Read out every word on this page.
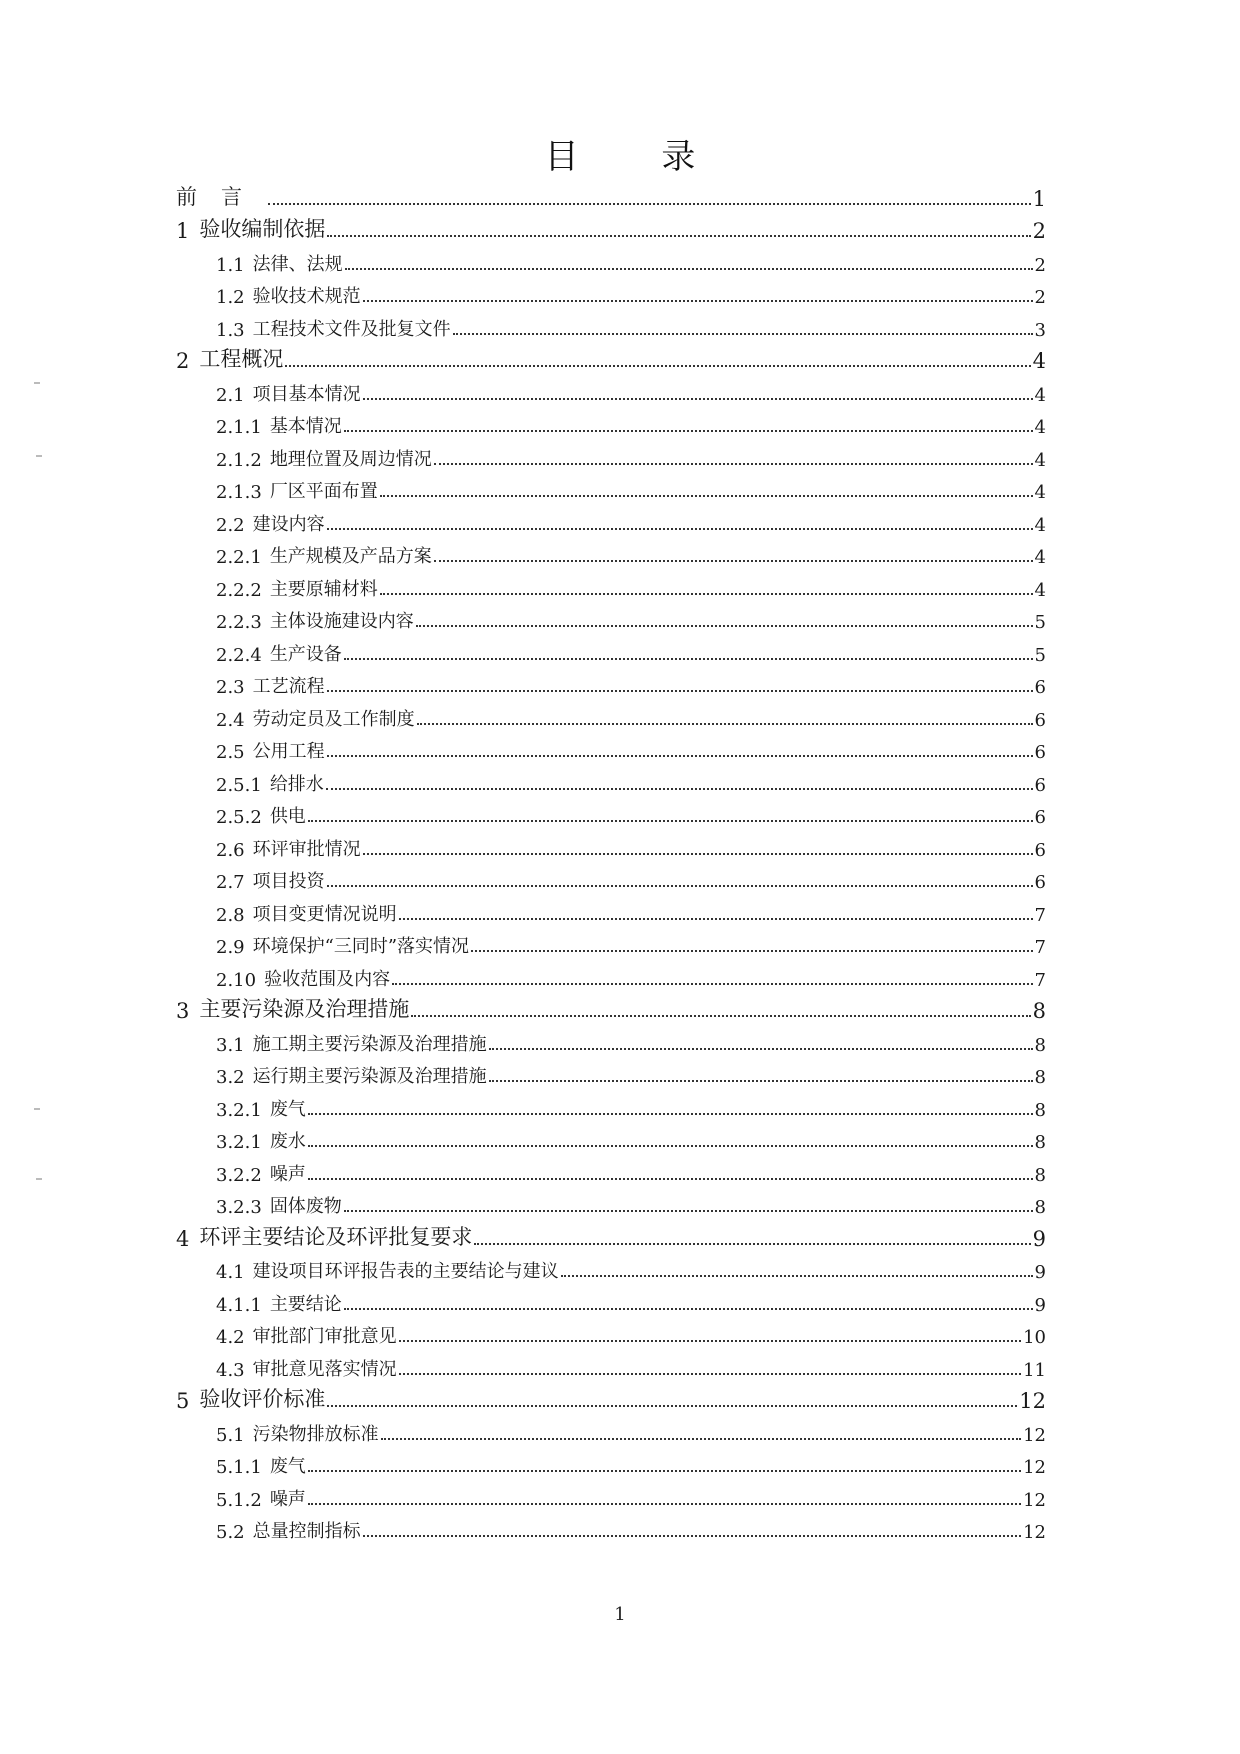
目 录
前言	1
1 验收编制依据	2
1.1 法律、法规	2
1.2 验收技术规范	2
1.3 工程技术文件及批复文件	3
2 工程概况	4
2.1 项目基本情况	4
2.1.1 基本情况	4
2.1.2 地理位置及周边情况	4
2.1.3 厂区平面布置	4
2.2 建设内容	4
2.2.1 生产规模及产品方案	4
2.2.2 主要原辅材料	4
2.2.3 主体设施建设内容	5
2.2.4 生产设备	5
2.3 工艺流程	6
2.4 劳动定员及工作制度	6
2.5 公用工程	6
2.5.1 给排水	6
2.5.2 供电	6
2.6 环评审批情况	6
2.7 项目投资	6
2.8 项目变更情况说明	7
2.9 环境保护“三同时”落实情况	7
2.10 验收范围及内容	7
3 主要污染源及治理措施	8
3.1 施工期主要污染源及治理措施	8
3.2 运行期主要污染源及治理措施	8
3.2.1 废气	8
3.2.1 废水	8
3.2.2 噪声	8
3.2.3 固体废物	8
4 环评主要结论及环评批复要求	9
4.1 建设项目环评报告表的主要结论与建议	9
4.1.1 主要结论	9
4.2 审批部门审批意见	10
4.3 审批意见落实情况	11
5 验收评价标准	12
5.1 污染物排放标准	12
5.1.1 废气	12
5.1.2 噪声	12
5.2 总量控制指标	12
1
